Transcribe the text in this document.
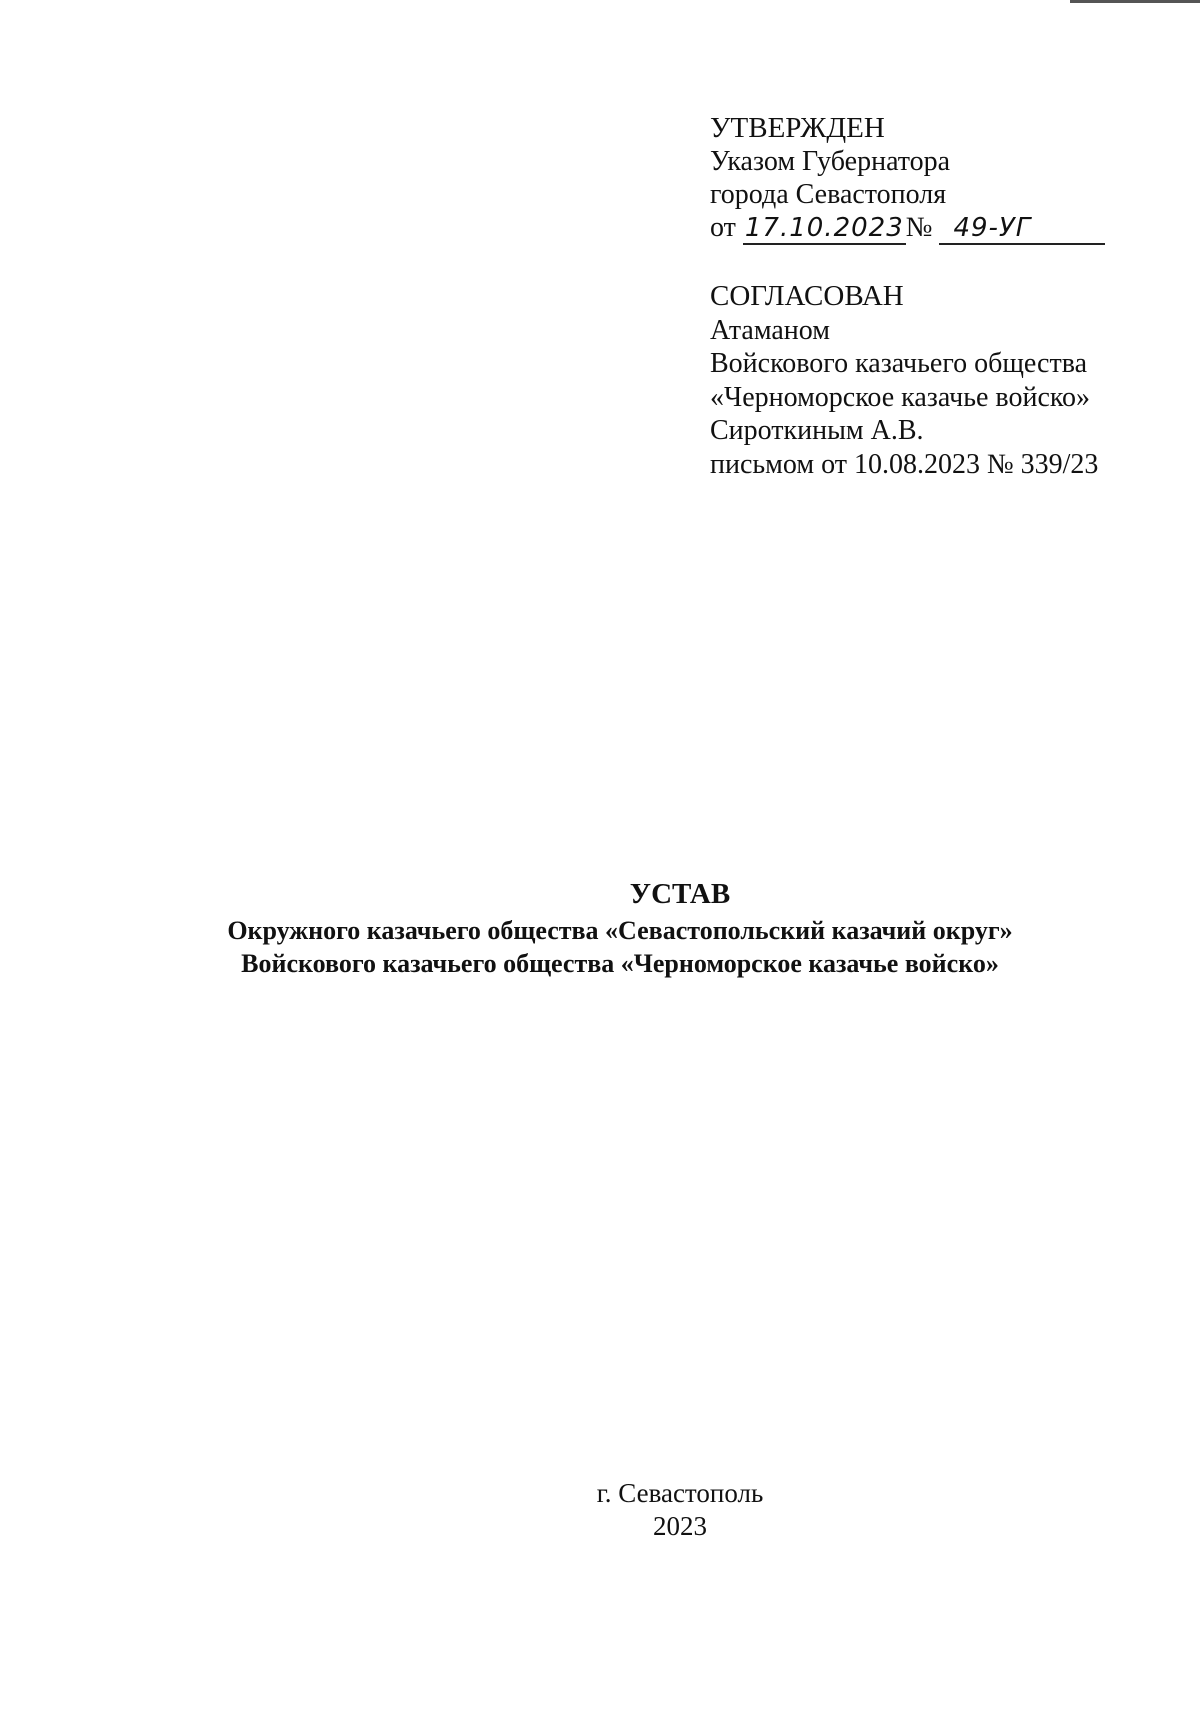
УТВЕРЖДЕН
Указом Губернатора
города Севастополя
от 17.10.2023№ 49-УГ
СОГЛАСОВАН
Атаманом
Войскового казачьего общества
«Черноморское казачье войско»
Сироткиным А.В.
письмом от 10.08.2023 № 339/23
УСТАВ
Окружного казачьего общества «Севастопольский казачий округ»
Войскового казачьего общества «Черноморское казачье войско»
г. Севастополь
2023
